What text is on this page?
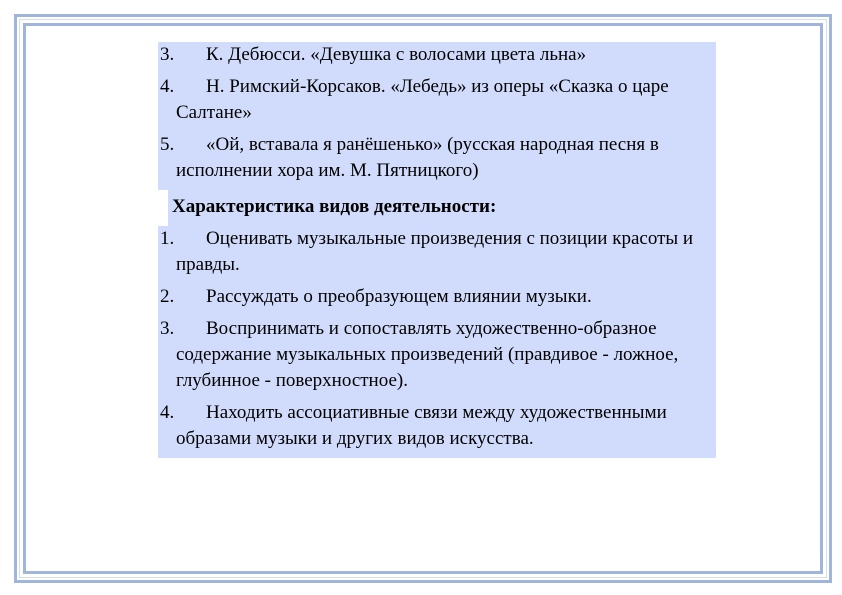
3.	К. Дебюсси. «Девушка с волосами цвета льна»
4.	Н. Римский-Корсаков. «Лебедь» из оперы «Сказка о царе Салтане»
5.	«Ой, вставала я ранёшенько» (русская народная песня в исполнении хора им. М. Пятницкого)
Характеристика видов деятельности:
1.	Оценивать музыкальные произведения с позиции красоты и правды.
2.	Рассуждать о преобразующем влиянии музыки.
3.	Воспринимать и сопоставлять художественно-образное содержание музыкальных произведений (правдивое - ложное, глубинное - поверхностное).
4.	Находить ассоциативные связи между художественными образами музыки и других видов искусства.
